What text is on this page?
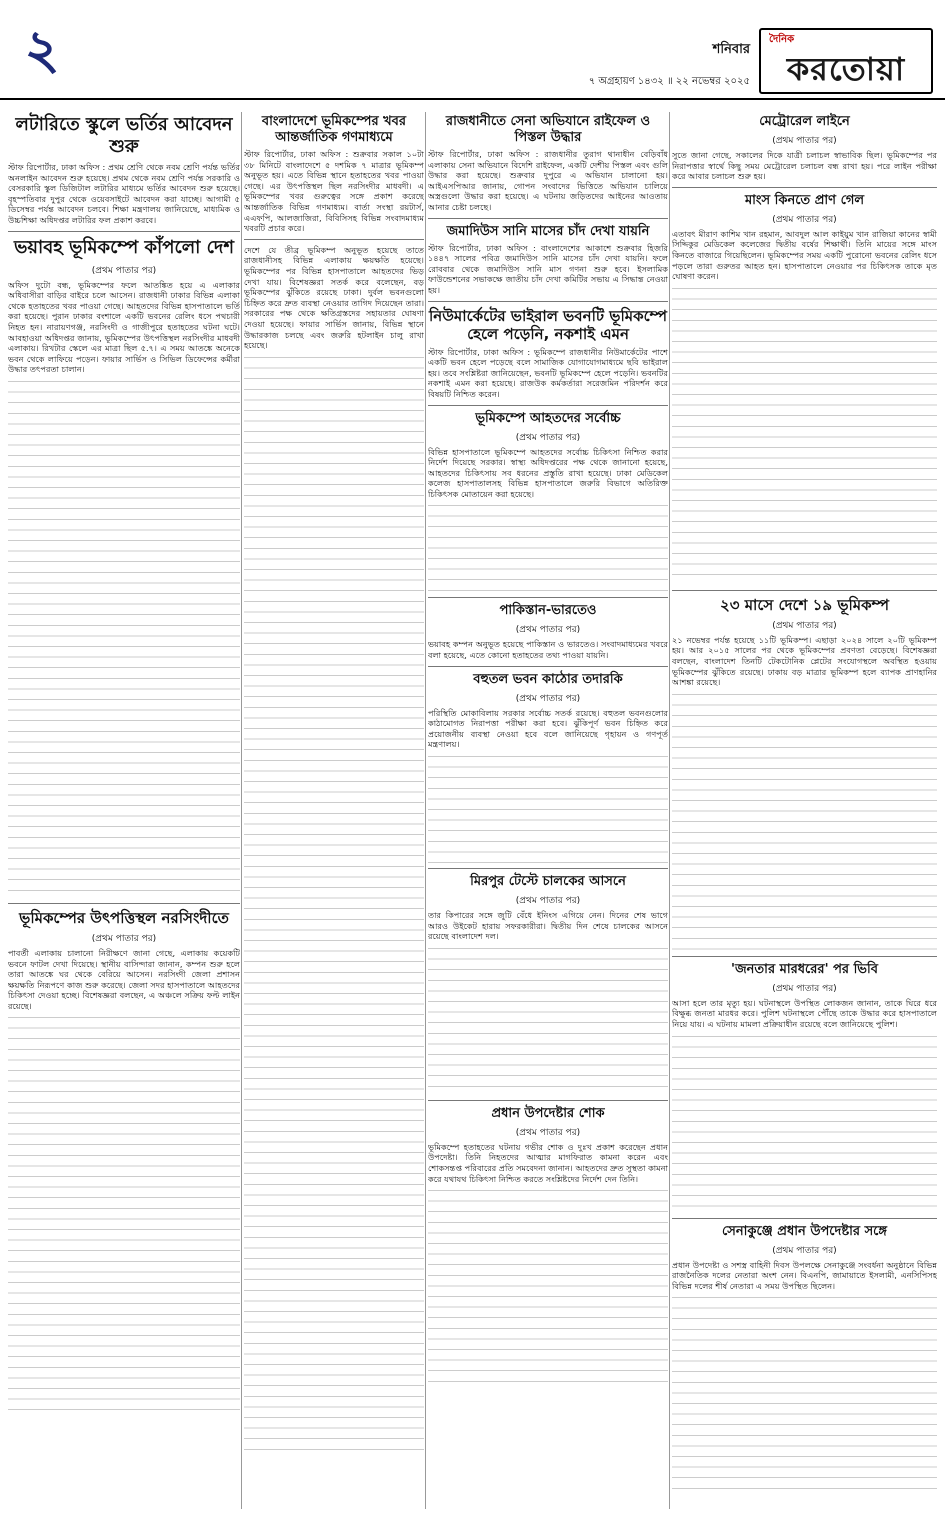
২	শনিবার
৭ অগ্রহায়ণ ১৪৩২ ॥ ২২ নভেম্বর ২০২৫
দৈনিক
করতোয়া
লটারিতে স্কুলে ভর্তির আবেদন শুরু

স্টাফ রিপোর্টার, ঢাকা অফিস : প্রথম শ্রেণি থেকে নবম শ্রেণি পর্যন্ত ভর্তির অনলাইন আবেদন শুরু হয়েছে। প্রথম থেকে নবম শ্রেণি পর্যন্ত সরকারি ও বেসরকারি স্কুল ডিজিটাল লটারির মাধ্যমে ভর্তির আবেদন শুরু হয়েছে। বৃহস্পতিবার দুপুর থেকে ওয়েবসাইটে আবেদন করা যাচ্ছে। আগামী ৫ ডিসেম্বর পর্যন্ত আবেদন চলবে। শিক্ষা মন্ত্রণালয় জানিয়েছে, মাধ্যমিক ও উচ্চশিক্ষা অধিদপ্তর লটারির ফল প্রকাশ করবে।

ভয়াবহ ভূমিকম্পে কাঁপলো দেশ
(প্রথম পাতার পর)

অফিস দুটো বন্ধ, ভূমিকম্পের ফলে আতঙ্কিত হয়ে এ এলাকার অধিবাসীরা বাড়ির বাইরে চলে আসেন। রাজধানী ঢাকার বিভিন্ন এলাকা থেকে হতাহতের খবর পাওয়া গেছে। আহতদের বিভিন্ন হাসপাতালে ভর্তি করা হয়েছে। পুরান ঢাকার বংশালে একটি ভবনের রেলিং ধসে পথচারী নিহত হন। নারায়ণগঞ্জ, নরসিংদী ও গাজীপুরে হতাহতের ঘটনা ঘটে। আবহাওয়া অধিদপ্তর জানায়, ভূমিকম্পের উৎপত্তিস্থল নরসিংদীর মাধবদী এলাকায়। রিখটার স্কেলে এর মাত্রা ছিল ৫.৭। এ সময় আতঙ্কে অনেকে ভবন থেকে লাফিয়ে পড়েন। ফায়ার সার্ভিস ও সিভিল ডিফেন্সের কর্মীরা উদ্ধার তৎপরতা চালান।

ভূমিকম্পের উৎপত্তিস্থল নরসিংদীতে
(প্রথম পাতার পর)

পাবর্তী এলাকায় চালানো নিরীক্ষণে জানা গেছে, এলাকায় কয়েকটি ভবনে ফাটল দেখা দিয়েছে। স্থানীয় বাসিন্দারা জানান, কম্পন শুরু হলে তারা আতঙ্কে ঘর থেকে বেরিয়ে আসেন। নরসিংদী জেলা প্রশাসন ক্ষয়ক্ষতি নিরূপণে কাজ শুরু করেছে। জেলা সদর হাসপাতালে আহতদের চিকিৎসা দেওয়া হচ্ছে। বিশেষজ্ঞরা বলছেন, এ অঞ্চলে সক্রিয় ফল্ট লাইন রয়েছে।

বাংলাদেশে ভূমিকম্পের খবর আন্তর্জাতিক গণমাধ্যমে

স্টাফ রিপোর্টার, ঢাকা অফিস : শুক্রবার সকাল ১০টা ৩৮ মিনিটে বাংলাদেশে ৫ দশমিক ৭ মাত্রার ভূমিকম্প অনুভূত হয়। এতে বিভিন্ন স্থানে হতাহতের খবর পাওয়া গেছে। এর উৎপত্তিস্থল ছিল নরসিংদীর মাধবদী। এ ভূমিকম্পের খবর গুরুত্বের সঙ্গে প্রকাশ করেছে আন্তর্জাতিক বিভিন্ন গণমাধ্যম। বার্তা সংস্থা রয়টার্স, এএফপি, আলজাজিরা, বিবিসিসহ বিভিন্ন সংবাদমাধ্যম খবরটি প্রচার করে।

দেশে যে তীব্র ভূমিকম্প অনুভূত হয়েছে তাতে রাজধানীসহ বিভিন্ন এলাকায় ক্ষয়ক্ষতি হয়েছে। ভূমিকম্পের পর বিভিন্ন হাসপাতালে আহতদের ভিড় দেখা যায়। বিশেষজ্ঞরা সতর্ক করে বলেছেন, বড় ভূমিকম্পের ঝুঁকিতে রয়েছে ঢাকা। দুর্বল ভবনগুলো চিহ্নিত করে দ্রুত ব্যবস্থা নেওয়ার তাগিদ দিয়েছেন তারা। সরকারের পক্ষ থেকে ক্ষতিগ্রস্তদের সহায়তার ঘোষণা দেওয়া হয়েছে। ফায়ার সার্ভিস জানায়, বিভিন্ন স্থানে উদ্ধারকাজ চলছে এবং জরুরি হটলাইন চালু রাখা হয়েছে।

রাজধানীতে সেনা অভিযানে রাইফেল ও পিস্তল উদ্ধার

স্টাফ রিপোর্টার, ঢাকা অফিস : রাজধানীর তুরাগ থানাধীন বেড়িবাঁধ এলাকায় সেনা অভিযানে বিদেশি রাইফেল, একটি দেশীয় পিস্তল এবং গুলি উদ্ধার করা হয়েছে। শুক্রবার দুপুরে এ অভিযান চালানো হয়। আইএসপিআর জানায়, গোপন সংবাদের ভিত্তিতে অভিযান চালিয়ে অস্ত্রগুলো উদ্ধার করা হয়েছে। এ ঘটনায় জড়িতদের আইনের আওতায় আনার চেষ্টা চলছে।

জমাদিউস সানি মাসের চাঁদ দেখা যায়নি

স্টাফ রিপোর্টার, ঢাকা অফিস : বাংলাদেশের আকাশে শুক্রবার হিজরি ১৪৪৭ সালের পবিত্র জমাদিউস সানি মাসের চাঁদ দেখা যায়নি। ফলে রোববার থেকে জমাদিউস সানি মাস গণনা শুরু হবে। ইসলামিক ফাউন্ডেশনের সভাকক্ষে জাতীয় চাঁদ দেখা কমিটির সভায় এ সিদ্ধান্ত নেওয়া হয়।

নিউমার্কেটের ভাইরাল ভবনটি ভূমিকম্পে হেলে পড়েনি, নকশাই এমন

স্টাফ রিপোর্টার, ঢাকা অফিস : ভূমিকম্পে রাজধানীর নিউমার্কেটের পাশে একটি ভবন হেলে পড়েছে বলে সামাজিক যোগাযোগমাধ্যমে ছবি ভাইরাল হয়। তবে সংশ্লিষ্টরা জানিয়েছেন, ভবনটি ভূমিকম্পে হেলে পড়েনি। ভবনটির নকশাই এমন করা হয়েছে। রাজউক কর্মকর্তারা সরেজমিন পরিদর্শন করে বিষয়টি নিশ্চিত করেন।

ভূমিকম্পে আহতদের সর্বোচ্চ
(প্রথম পাতার পর)

বিভিন্ন হাসপাতালে ভূমিকম্পে আহতদের সর্বোচ্চ চিকিৎসা নিশ্চিত করার নির্দেশ দিয়েছে সরকার। স্বাস্থ্য অধিদপ্তরের পক্ষ থেকে জানানো হয়েছে, আহতদের চিকিৎসায় সব ধরনের প্রস্তুতি রাখা হয়েছে। ঢাকা মেডিকেল কলেজ হাসপাতালসহ বিভিন্ন হাসপাতালে জরুরি বিভাগে অতিরিক্ত চিকিৎসক মোতায়েন করা হয়েছে।

পাকিস্তান-ভারতেও
(প্রথম পাতার পর)

ভয়াবহ কম্পন অনুভূত হয়েছে পাকিস্তান ও ভারতেও। সংবাদমাধ্যমের খবরে বলা হয়েছে, এতে কোনো হতাহতের তথ্য পাওয়া যায়নি।

বহুতল ভবন কাঠোর তদারকি
(প্রথম পাতার পর)

পরিস্থিতি মোকাবিলায় সরকার সর্বোচ্চ সতর্ক রয়েছে। বহুতল ভবনগুলোর কাঠামোগত নিরাপত্তা পরীক্ষা করা হবে। ঝুঁকিপূর্ণ ভবন চিহ্নিত করে প্রয়োজনীয় ব্যবস্থা নেওয়া হবে বলে জানিয়েছে গৃহায়ন ও গণপূর্ত মন্ত্রণালয়।

মিরপুর টেস্টে চালকের আসনে
(প্রথম পাতার পর)

তার কিপারের সঙ্গে জুটি বেঁধে ইনিংস এগিয়ে নেন। দিনের শেষ ভাগে আরও উইকেট হারায় সফরকারীরা। দ্বিতীয় দিন শেষে চালকের আসনে রয়েছে বাংলাদেশ দল।

প্রধান উপদেষ্টার শোক
(প্রথম পাতার পর)

ভূমিকম্পে হতাহতের ঘটনায় গভীর শোক ও দুঃখ প্রকাশ করেছেন প্রধান উপদেষ্টা। তিনি নিহতদের আত্মার মাগফিরাত কামনা করেন এবং শোকসন্তপ্ত পরিবারের প্রতি সমবেদনা জানান। আহতদের দ্রুত সুস্থতা কামনা করে যথাযথ চিকিৎসা নিশ্চিত করতে সংশ্লিষ্টদের নির্দেশ দেন তিনি।

মেট্রোরেল লাইনে
(প্রথম পাতার পর)

সুতে জানা গেছে, সকালের দিকে যাত্রী চলাচল স্বাভাবিক ছিল। ভূমিকম্পের পর নিরাপত্তার স্বার্থে কিছু সময় মেট্রোরেল চলাচল বন্ধ রাখা হয়। পরে লাইন পরীক্ষা করে আবার চলাচল শুরু হয়।

মাংস কিনতে প্রাণ গেল
(প্রথম পাতার পর)

এতাবৎ মীরাণ কাশিম খান রহমান, আবদুল আল কাইয়ুম খান রাজিয়া কানের স্বামী সিদ্দিকুর মেডিকেল কলেজের দ্বিতীয় বর্ষের শিক্ষার্থী। তিনি মায়ের সঙ্গে মাংস কিনতে বাজারে গিয়েছিলেন। ভূমিকম্পের সময় একটি পুরোনো ভবনের রেলিং ধসে পড়লে তারা গুরুতর আহত হন। হাসপাতালে নেওয়ার পর চিকিৎসক তাকে মৃত ঘোষণা করেন।

২৩ মাসে দেশে ১৯ ভূমিকম্প
(প্রথম পাতার পর)

২১ নভেম্বর পর্যন্ত হয়েছে ১১টি ভূমিকম্প। এছাড়া ২০২৪ সালে ২০টি ভূমিকম্প হয়। আর ২০১৫ সালের পর থেকে ভূমিকম্পের প্রবণতা বেড়েছে। বিশেষজ্ঞরা বলছেন, বাংলাদেশ তিনটি টেকটোনিক প্লেটের সংযোগস্থলে অবস্থিত হওয়ায় ভূমিকম্পের ঝুঁকিতে রয়েছে। ঢাকায় বড় মাত্রার ভূমিকম্প হলে ব্যাপক প্রাণহানির আশঙ্কা রয়েছে।

'জনতার মারধরের' পর ভিবি
(প্রথম পাতার পর)

আসা হলে তার মৃত্যু হয়। ঘটনাস্থলে উপস্থিত লোকজন জানান, তাকে ঘিরে ধরে বিক্ষুব্ধ জনতা মারধর করে। পুলিশ ঘটনাস্থলে পৌঁছে তাকে উদ্ধার করে হাসপাতালে নিয়ে যায়। এ ঘটনায় মামলা প্রক্রিয়াধীন রয়েছে বলে জানিয়েছে পুলিশ।

সেনাকুঞ্জে প্রধান উপদেষ্টার সঙ্গে
(প্রথম পাতার পর)

প্রধান উপদেষ্টা ও সশস্ত্র বাহিনী দিবস উপলক্ষে সেনাকুঞ্জে সংবর্ধনা অনুষ্ঠানে বিভিন্ন রাজনৈতিক দলের নেতারা অংশ নেন। বিএনপি, জামায়াতে ইসলামী, এনসিপিসহ বিভিন্ন দলের শীর্ষ নেতারা এ সময় উপস্থিত ছিলেন।
